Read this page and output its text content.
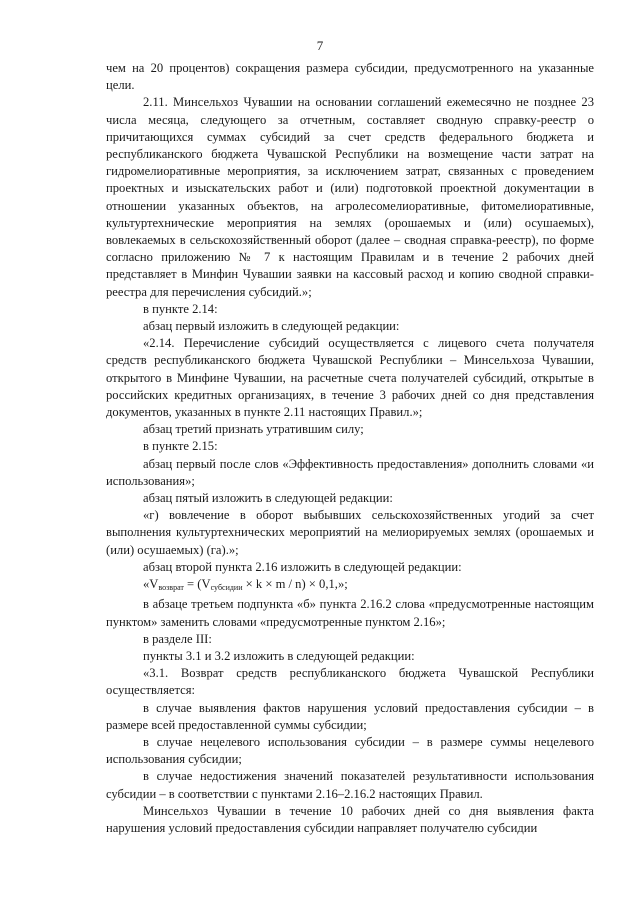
7

чем на 20 процентов) сокращения размера субсидии, предусмотренного на указанные цели.

2.11. Минсельхоз Чувашии на основании соглашений ежемесячно не позднее 23 числа месяца, следующего за отчетным, составляет сводную справку-реестр о причитающихся суммах субсидий за счет средств федерального бюджета и республиканского бюджета Чувашской Республики на возмещение части затрат на гидромелиоративные мероприятия, за исключением затрат, связанных с проведением проектных и изыскательских работ и (или) подготовкой проектной документации в отношении указанных объектов, на агролесомелиоративные, фитомелиоративные, культуртехнические мероприятия на землях (орошаемых и (или) осушаемых), вовлекаемых в сельскохозяйственный оборот (далее – сводная справка-реестр), по форме согласно приложению № 7 к настоящим Правилам и в течение 2 рабочих дней представляет в Минфин Чувашии заявки на кассовый расход и копию сводной справки-реестра для перечисления субсидий.»;

в пункте 2.14:

абзац первый изложить в следующей редакции:

«2.14. Перечисление субсидий осуществляется с лицевого счета получателя средств республиканского бюджета Чувашской Республики – Минсельхоза Чувашии, открытого в Минфине Чувашии, на расчетные счета получателей субсидий, открытые в российских кредитных организациях, в течение 3 рабочих дней со дня представления документов, указанных в пункте 2.11 настоящих Правил.»;

абзац третий признать утратившим силу;

в пункте 2.15:

абзац первый после слов «Эффективность предоставления» дополнить словами «и использования»;

абзац пятый изложить в следующей редакции:

«г) вовлечение в оборот выбывших сельскохозяйственных угодий за счет выполнения культуртехнических мероприятий на мелиорируемых землях (орошаемых и (или) осушаемых) (га).»;

абзац второй пункта 2.16 изложить в следующей редакции:

«$V_{возврат} = (V_{субсидии} \times k \times m / n) \times 0,1$,»;

в абзаце третьем подпункта «б» пункта 2.16.2 слова «предусмотренные настоящим пунктом» заменить словами «предусмотренные пунктом 2.16»;

в разделе III:

пункты 3.1 и 3.2 изложить в следующей редакции:

«3.1. Возврат средств республиканского бюджета Чувашской Республики осуществляется:

в случае выявления фактов нарушения условий предоставления субсидии – в размере всей предоставленной суммы субсидии;

в случае нецелевого использования субсидии – в размере суммы нецелевого использования субсидии;

в случае недостижения значений показателей результативности использования субсидии – в соответствии с пунктами 2.16–2.16.2 настоящих Правил.

Минсельхоз Чувашии в течение 10 рабочих дней со дня выявления факта нарушения условий предоставления субсидии направляет получателю субсидии
